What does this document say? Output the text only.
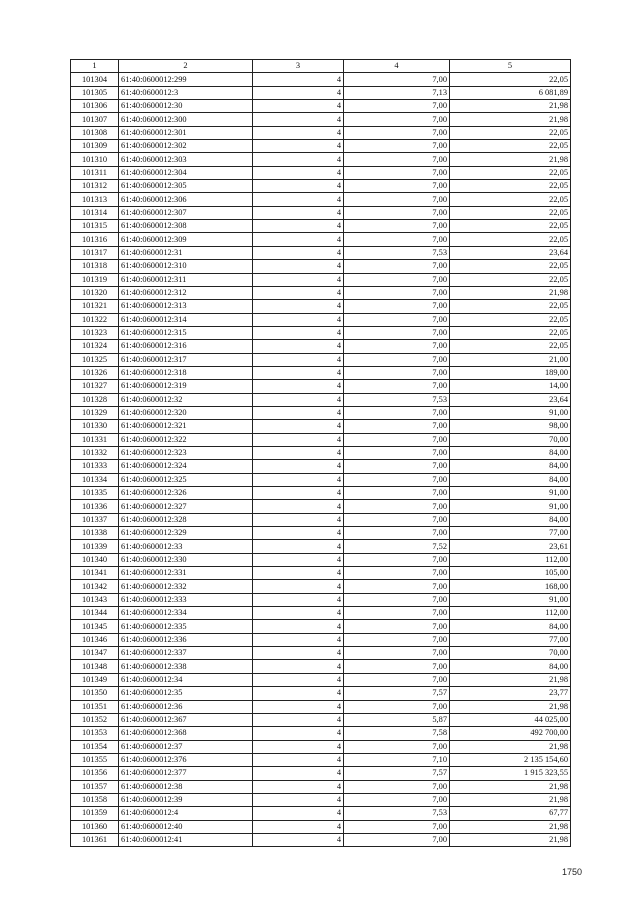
1	2	3	4	5
101304	61:40:0600012:299	4	7,00	22,05
101305	61:40:0600012:3	4	7,13	6 081,89
101306	61:40:0600012:30	4	7,00	21,98
101307	61:40:0600012:300	4	7,00	21,98
101308	61:40:0600012:301	4	7,00	22,05
101309	61:40:0600012:302	4	7,00	22,05
101310	61:40:0600012:303	4	7,00	21,98
101311	61:40:0600012:304	4	7,00	22,05
101312	61:40:0600012:305	4	7,00	22,05
101313	61:40:0600012:306	4	7,00	22,05
101314	61:40:0600012:307	4	7,00	22,05
101315	61:40:0600012:308	4	7,00	22,05
101316	61:40:0600012:309	4	7,00	22,05
101317	61:40:0600012:31	4	7,53	23,64
101318	61:40:0600012:310	4	7,00	22,05
101319	61:40:0600012:311	4	7,00	22,05
101320	61:40:0600012:312	4	7,00	21,98
101321	61:40:0600012:313	4	7,00	22,05
101322	61:40:0600012:314	4	7,00	22,05
101323	61:40:0600012:315	4	7,00	22,05
101324	61:40:0600012:316	4	7,00	22,05
101325	61:40:0600012:317	4	7,00	21,00
101326	61:40:0600012:318	4	7,00	189,00
101327	61:40:0600012:319	4	7,00	14,00
101328	61:40:0600012:32	4	7,53	23,64
101329	61:40:0600012:320	4	7,00	91,00
101330	61:40:0600012:321	4	7,00	98,00
101331	61:40:0600012:322	4	7,00	70,00
101332	61:40:0600012:323	4	7,00	84,00
101333	61:40:0600012:324	4	7,00	84,00
101334	61:40:0600012:325	4	7,00	84,00
101335	61:40:0600012:326	4	7,00	91,00
101336	61:40:0600012:327	4	7,00	91,00
101337	61:40:0600012:328	4	7,00	84,00
101338	61:40:0600012:329	4	7,00	77,00
101339	61:40:0600012:33	4	7,52	23,61
101340	61:40:0600012:330	4	7,00	112,00
101341	61:40:0600012:331	4	7,00	105,00
101342	61:40:0600012:332	4	7,00	168,00
101343	61:40:0600012:333	4	7,00	91,00
101344	61:40:0600012:334	4	7,00	112,00
101345	61:40:0600012:335	4	7,00	84,00
101346	61:40:0600012:336	4	7,00	77,00
101347	61:40:0600012:337	4	7,00	70,00
101348	61:40:0600012:338	4	7,00	84,00
101349	61:40:0600012:34	4	7,00	21,98
101350	61:40:0600012:35	4	7,57	23,77
101351	61:40:0600012:36	4	7,00	21,98
101352	61:40:0600012:367	4	5,87	44 025,00
101353	61:40:0600012:368	4	7,58	492 700,00
101354	61:40:0600012:37	4	7,00	21,98
101355	61:40:0600012:376	4	7,10	2 135 154,60
101356	61:40:0600012:377	4	7,57	1 915 323,55
101357	61:40:0600012:38	4	7,00	21,98
101358	61:40:0600012:39	4	7,00	21,98
101359	61:40:0600012:4	4	7,53	67,77
101360	61:40:0600012:40	4	7,00	21,98
101361	61:40:0600012:41	4	7,00	21,98
1750
